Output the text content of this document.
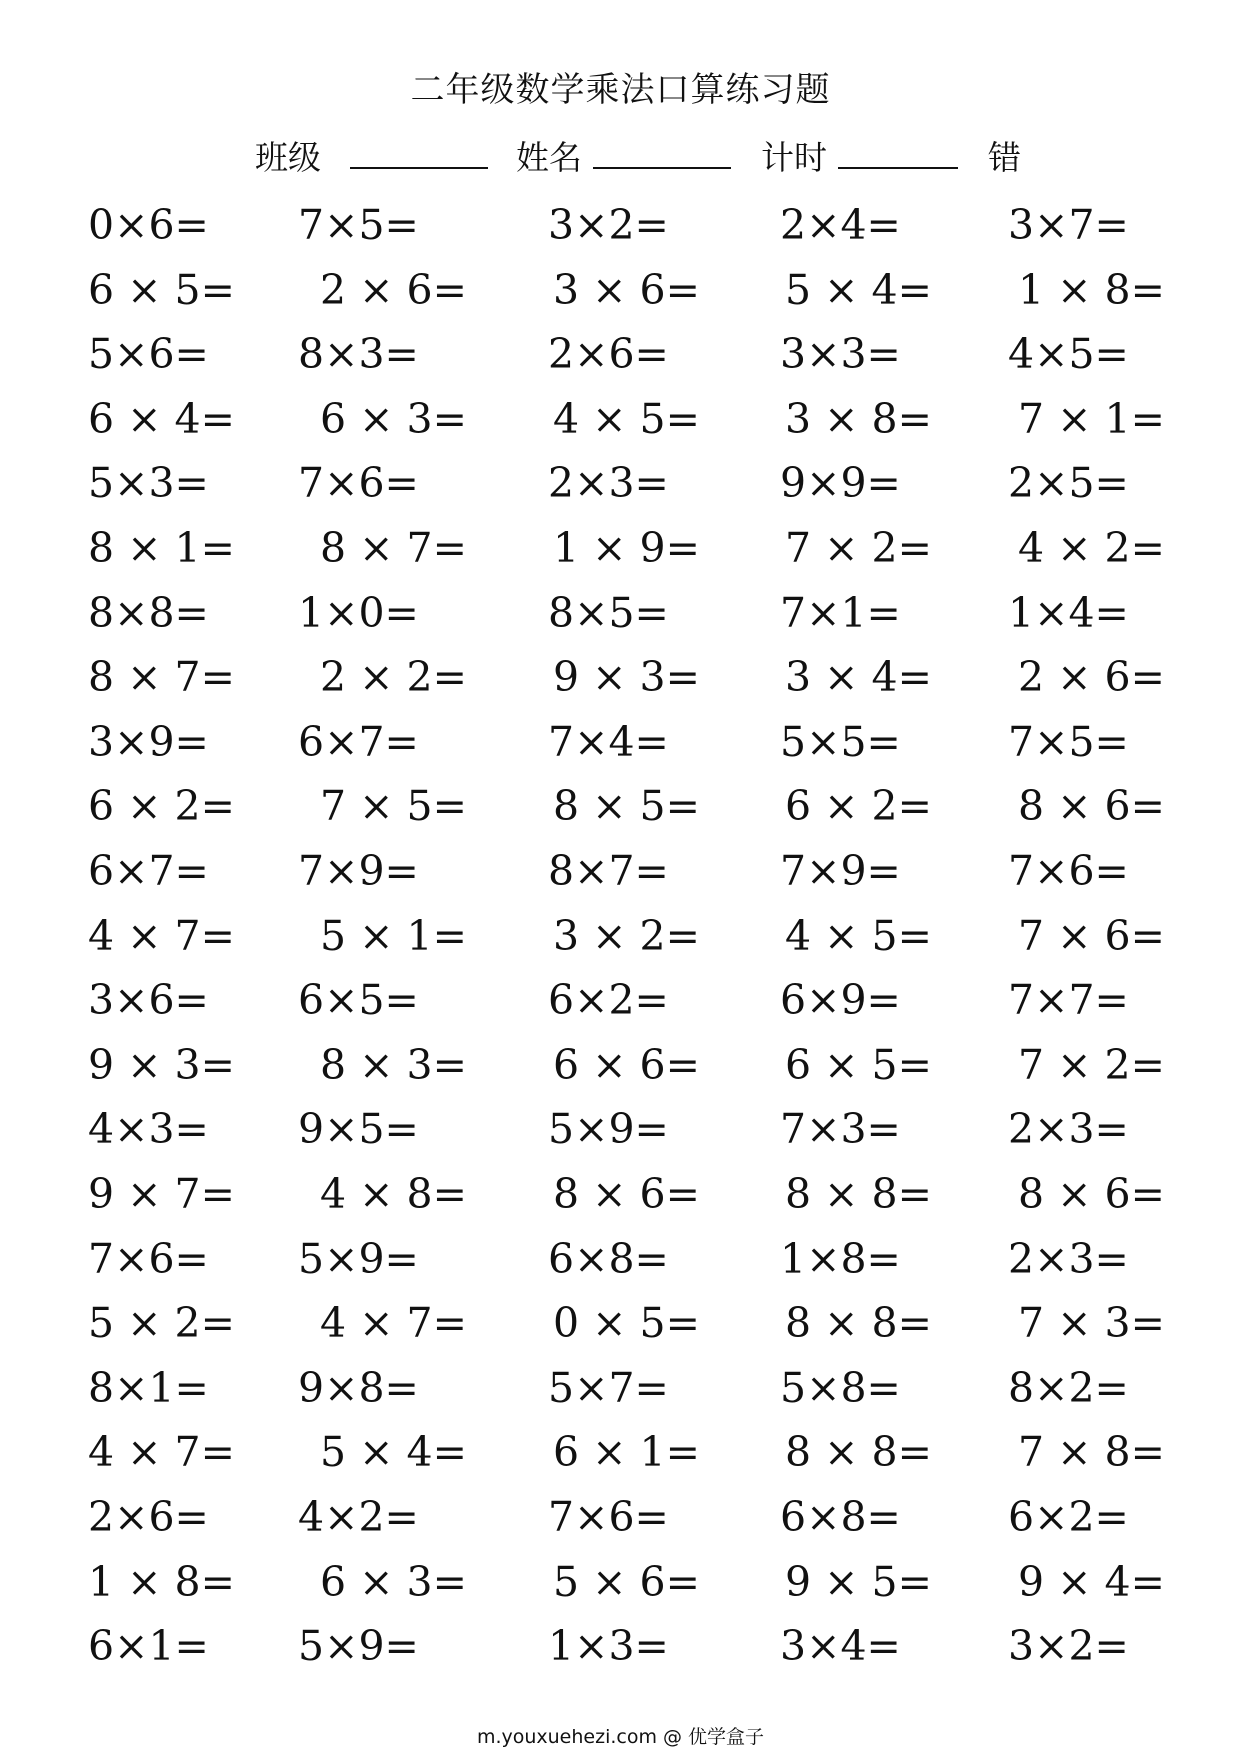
二年级数学乘法口算练习题
班级	姓名	计时	错
0×6= 7×5=	3×2=	2×4=	3×7=
6 × 5= 2 × 6= 3 × 6= 5 × 4= 1 × 8=
5×6= 8×3=	2×6=	3×3=	4×5=
6 × 4= 6 × 3= 4 × 5= 3 × 8= 7 × 1=
5×3= 7×6=	2×3=	9×9=	2×5=
8 × 1= 8 × 7= 1 × 9= 7 × 2= 4 × 2=
8×8= 1×0=	8×5=	7×1=	1×4=
8 × 7= 2 × 2= 9 × 3= 3 × 4= 2 × 6=
3×9= 6×7=	7×4=	5×5=	7×5=
6 × 2= 7 × 5= 8 × 5= 6 × 2= 8 × 6=
6×7= 7×9=	8×7=	7×9=	7×6=
4 × 7= 5 × 1= 3 × 2= 4 × 5= 7 × 6=
3×6= 6×5=	6×2=	6×9=	7×7=
9 × 3= 8 × 3= 6 × 6= 6 × 5= 7 × 2=
4×3= 9×5=	5×9=	7×3=	2×3=
9 × 7= 4 × 8= 8 × 6= 8 × 8= 8 × 6=
7×6= 5×9=	6×8=	1×8=	2×3=
5 × 2= 4 × 7= 0 × 5= 8 × 8= 7 × 3=
8×1= 9×8=	5×7=	5×8=	8×2=
4 × 7= 5 × 4= 6 × 1= 8 × 8= 7 × 8=
2×6= 4×2=	7×6=	6×8=	6×2=
1 × 8= 6 × 3= 5 × 6= 9 × 5= 9 × 4=
6×1= 5×9=	1×3=	3×4=	3×2=
m.youxuehezi.com @ 优学盒子
